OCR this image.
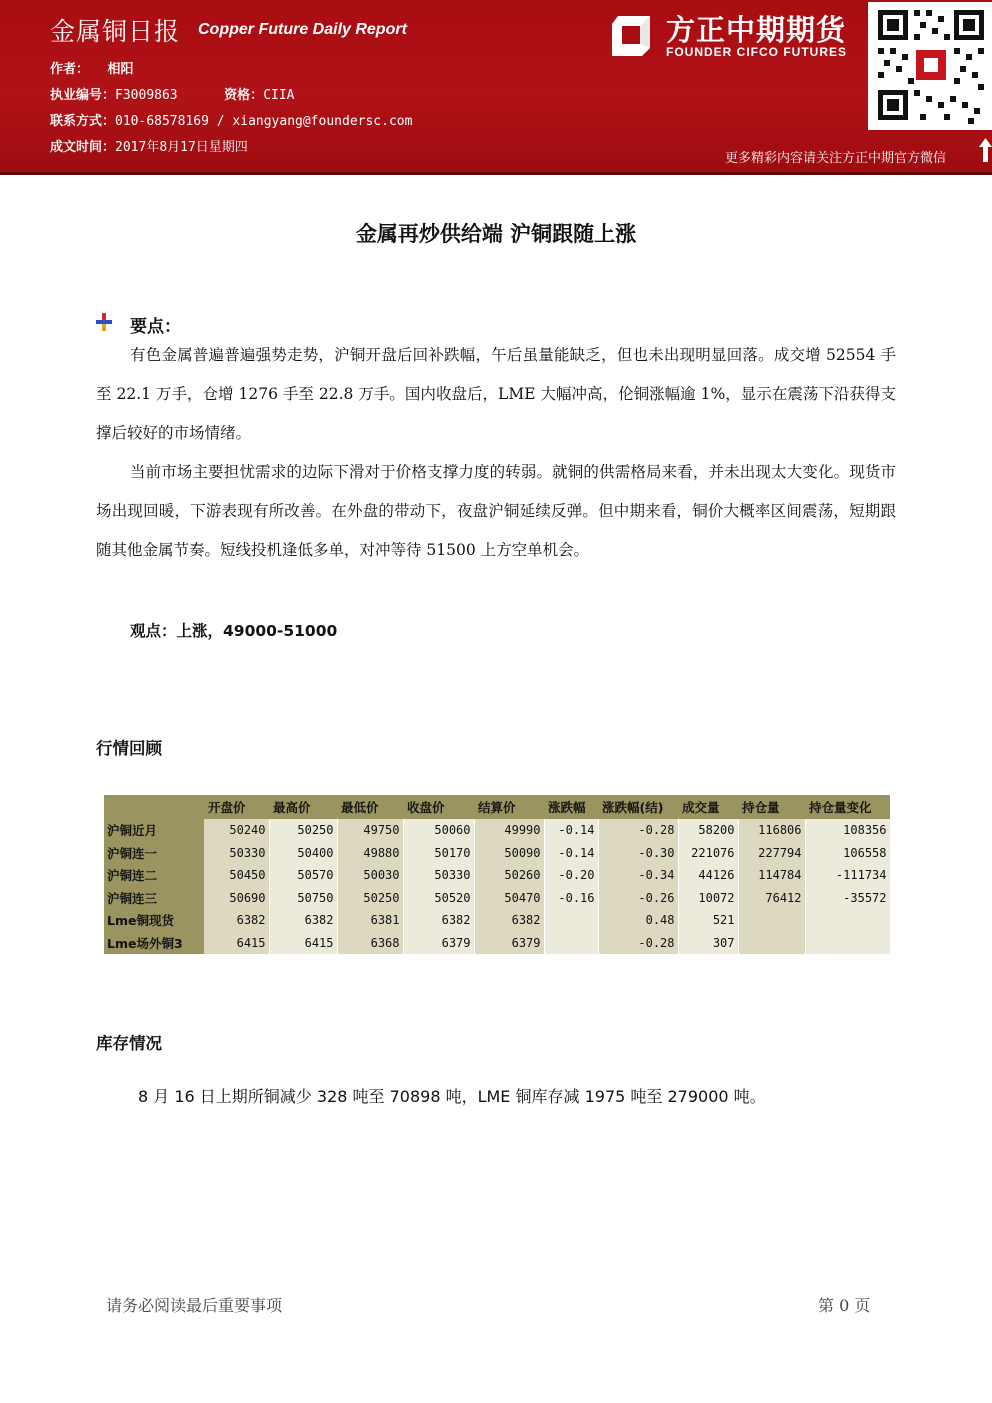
金属铜日报 Copper Future Daily Report
作者： 相阳
执业编号：F3009863	资格：CIIA
联系方式：010-68578169 / xiangyang@foundersc.com
成文时间：2017年8月17日星期四
方正中期期货
FOUNDER CIFCO FUTURES
更多精彩内容请关注方正中期官方微信
金属再炒供给端 沪铜跟随上涨
要点：

有色金属普遍普遍强势走势，沪铜开盘后回补跌幅，午后虽量能缺乏，但也未出现明显回落。成交增 52554 手至 22.1 万手，仓增 1276 手至 22.8 万手。国内收盘后，LME 大幅冲高，伦铜涨幅逾 1%，显示在震荡下沿获得支撑后较好的市场情绪。

当前市场主要担忧需求的边际下滑对于价格支撑力度的转弱。就铜的供需格局来看，并未出现太大变化。现货市场出现回暖，下游表现有所改善。在外盘的带动下，夜盘沪铜延续反弹。但中期来看，铜价大概率区间震荡，短期跟随其他金属节奏。短线投机逢低多单，对冲等待 51500 上方空单机会。

观点：上涨，49000-51000
行情回顾
	开盘价	最高价	最低价	收盘价	结算价	涨跌幅	涨跌幅(结)	成交量	持仓量	持仓量变化
沪铜近月	50240	50250	49750	50060	49990	-0.14	-0.28	58200	116806	108356
沪铜连一	50330	50400	49880	50170	50090	-0.14	-0.30	221076	227794	106558
沪铜连二	50450	50570	50030	50330	50260	-0.20	-0.34	44126	114784	-111734
沪铜连三	50690	50750	50250	50520	50470	-0.16	-0.26	10072	76412	-35572
Lme铜现货	6382	6382	6381	6382	6382		0.48	521		
Lme场外铜3	6415	6415	6368	6379	6379		-0.28	307		
库存情况
8 月 16 日上期所铜减少 328 吨至 70898 吨，LME 铜库存减 1975 吨至 279000 吨。
请务必阅读最后重要事项	第 0 页
